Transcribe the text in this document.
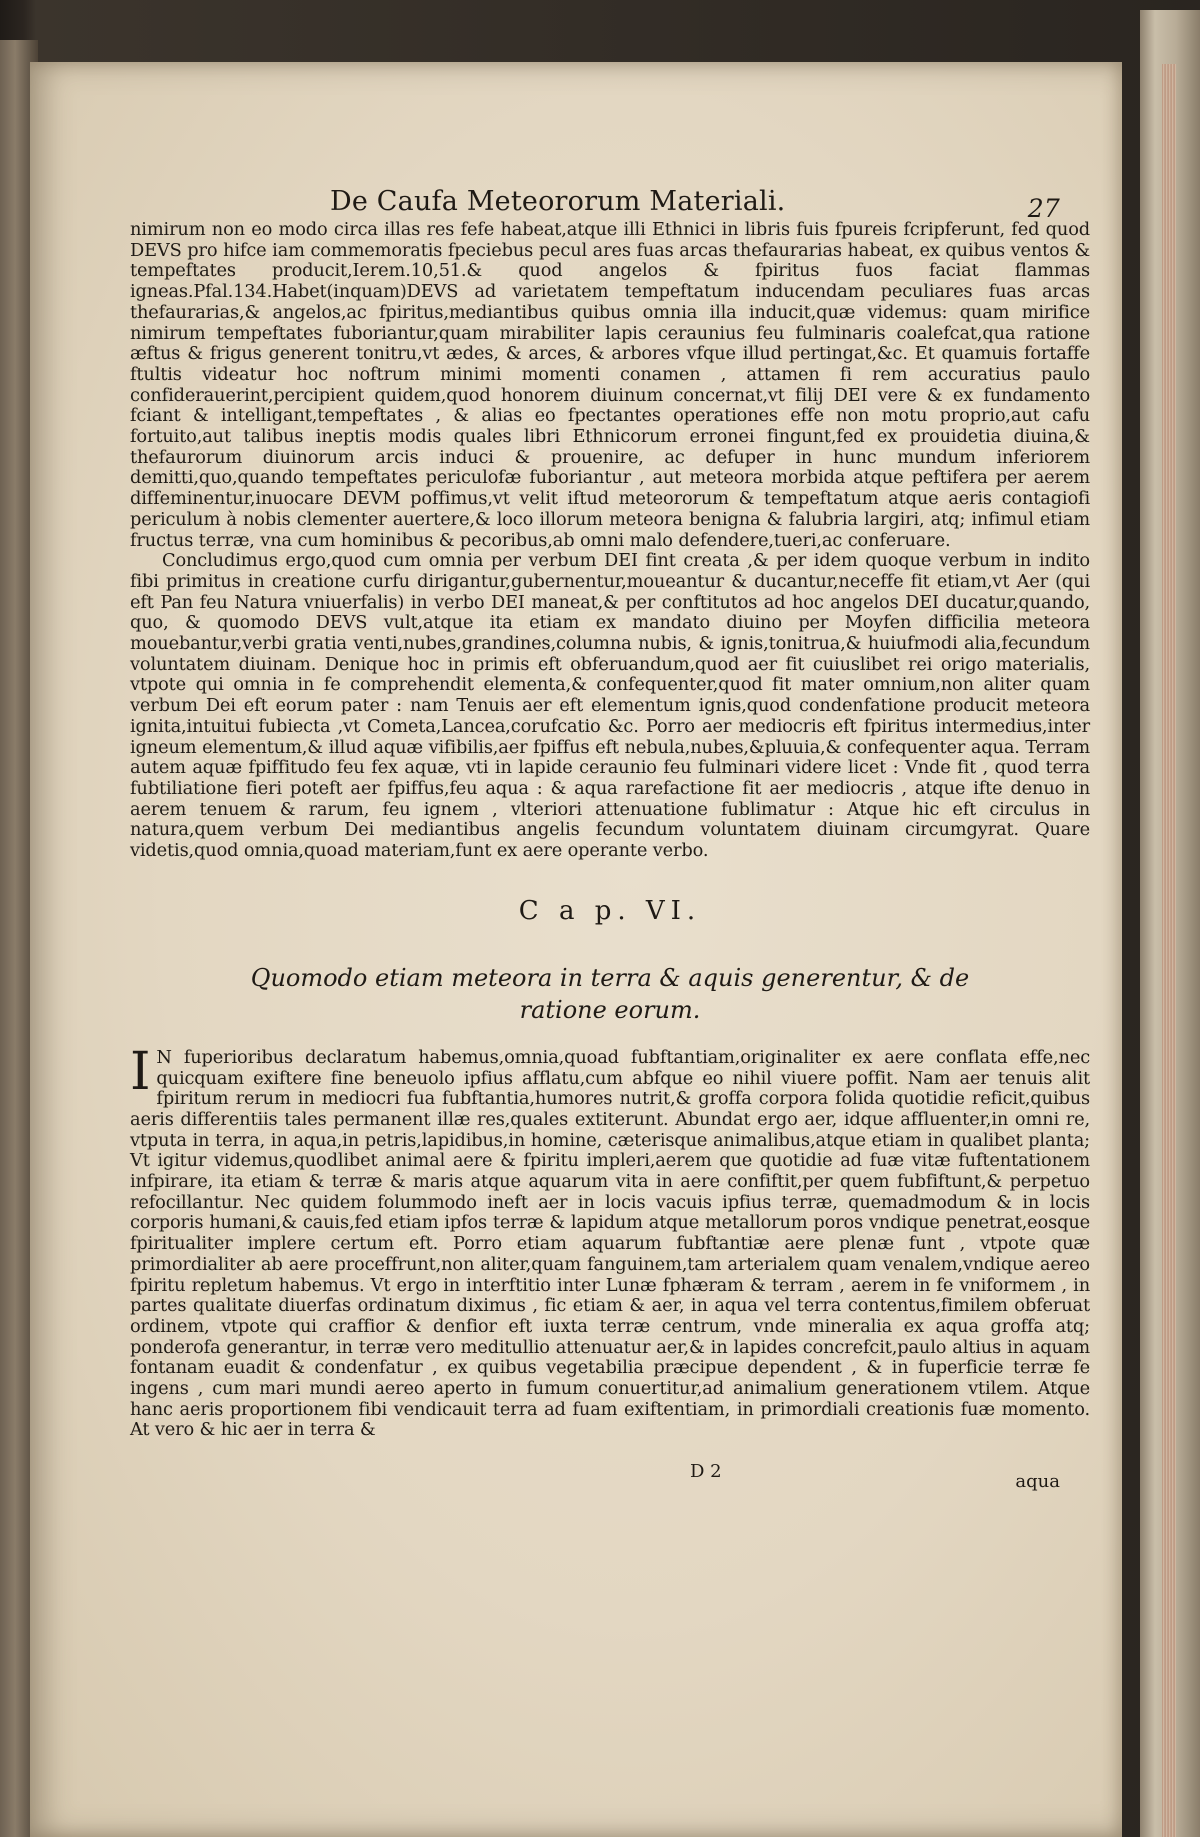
De Caufa Meteororum Materiali.	27

nimirum non eo modo circa illas res fefe habeat,atque illi Ethnici in libris fuis fpureis fcripferunt, fed quod DEVS pro hifce iam commemoratis fpeciebus pecul ares fuas arcas thefaurarias habeat, ex quibus ventos & tempeftates producit,Ierem.10,51.& quod angelos & fpiritus fuos faciat flammas igneas.Pfal.134.Habet(inquam)DEVS ad varietatem tempeftatum inducendam peculiares fuas arcas thefaurarias,& angelos,ac fpiritus,mediantibus quibus omnia illa inducit,quæ videmus: quam mirifice nimirum tempeftates fuboriantur,quam mirabiliter lapis ceraunius feu fulminaris coalefcat,qua ratione æftus & frigus generent tonitru,vt ædes, & arces, & arbores vfque illud pertingat,&c. Et quamuis fortaffe ftultis videatur hoc noftrum minimi momenti conamen , attamen fi rem accuratius paulo confiderauerint,percipient quidem,quod honorem diuinum concernat,vt filij DEI vere & ex fundamento fciant & intelligant,tempeftates , & alias eo fpectantes operationes effe non motu proprio,aut cafu fortuito,aut talibus ineptis modis quales libri Ethnicorum erronei fingunt,fed ex prouidetia diuina,& thefaurorum diuinorum arcis induci & prouenire, ac defuper in hunc mundum inferiorem demitti,quo,quando tempeftates periculofæ fuboriantur , aut meteora morbida atque peftifera per aerem diffeminentur,inuocare DEVM poffimus,vt velit iftud meteororum & tempeftatum atque aeris contagiofi periculum à nobis clementer auertere,& loco illorum meteora benigna & falubria largiri, atq; infimul etiam fructus terræ, vna cum hominibus & pecoribus,ab omni malo defendere,tueri,ac conferuare.

Concludimus ergo,quod cum omnia per verbum DEI fint creata ,& per idem quoque verbum in indito fibi primitus in creatione curfu dirigantur,gubernentur,moueantur & ducantur,neceffe fit etiam,vt Aer (qui eft Pan feu Natura vniuerfalis) in verbo DEI maneat,& per conftitutos ad hoc angelos DEI ducatur,quando, quo, & quomodo DEVS vult,atque ita etiam ex mandato diuino per Moyfen difficilia meteora mouebantur,verbi gratia venti,nubes,grandines,columna nubis, & ignis,tonitrua,& huiufmodi alia,fecundum voluntatem diuinam. Denique hoc in primis eft obferuandum,quod aer fit cuiuslibet rei origo materialis, vtpote qui omnia in fe comprehendit elementa,& confequenter,quod fit mater omnium,non aliter quam verbum Dei eft eorum pater : nam Tenuis aer eft elementum ignis,quod condenfatione producit meteora ignita,intuitui fubiecta ,vt Cometa,Lancea,corufcatio &c. Porro aer mediocris eft fpiritus intermedius,inter igneum elementum,& illud aquæ vifibilis,aer fpiffus eft nebula,nubes,&pluuia,& confequenter aqua. Terram autem aquæ fpiffitudo feu fex aquæ, vti in lapide ceraunio feu fulminari videre licet : Vnde fit , quod terra fubtiliatione fieri poteft aer fpiffus,feu aqua : & aqua rarefactione fit aer mediocris , atque ifte denuo in aerem tenuem & rarum, feu ignem , vlteriori attenuatione fublimatur : Atque hic eft circulus in natura,quem verbum Dei mediantibus angelis fecundum voluntatem diuinam circumgyrat. Quare videtis,quod omnia,quoad materiam,funt ex aere operante verbo.

C a p. VI.
Quomodo etiam meteora in terra & aquis generentur, & de ratione eorum.

I N fuperioribus declaratum habemus,omnia,quoad fubftantiam,originaliter ex aere conflata effe,nec quicquam exiftere fine beneuolo ipfius afflatu,cum abfque eo nihil viuere poffit. Nam aer tenuis alit fpiritum rerum in mediocri fua fubftantia,humores nutrit,& groffa corpora folida quotidie reficit,quibus aeris differentiis tales permanent illæ res,quales extiterunt. Abundat ergo aer, idque affluenter,in omni re, vtputa in terra, in aqua,in petris,lapidibus,in homine, cæterisque animalibus,atque etiam in qualibet planta; Vt igitur videmus,quodlibet animal aere & fpiritu impleri,aerem que quotidie ad fuæ vitæ fuftentationem infpirare, ita etiam & terræ & maris atque aquarum vita in aere confiftit,per quem fubfiftunt,& perpetuo refocillantur. Nec quidem folummodo ineft aer in locis vacuis ipfius terræ, quemadmodum & in locis corporis humani,& cauis,fed etiam ipfos terræ & lapidum atque metallorum poros vndique penetrat,eosque fpiritualiter implere certum eft. Porro etiam aquarum fubftantiæ aere plenæ funt , vtpote quæ primordialiter ab aere proceffrunt,non aliter,quam fanguinem,tam arterialem quam venalem,vndique aereo fpiritu repletum habemus. Vt ergo in interftitio inter Lunæ fphæram & terram , aerem in fe vniformem , in partes qualitate diuerfas ordinatum diximus , fic etiam & aer, in aqua vel terra contentus,fimilem obferuat ordinem, vtpote qui craffior & denfior eft iuxta terræ centrum, vnde mineralia ex aqua groffa atq; ponderofa generantur, in terræ vero meditullio attenuatur aer,& in lapides concrefcit,paulo altius in aquam fontanam euadit & condenfatur , ex quibus vegetabilia præcipue dependent , & in fuperficie terræ fe ingens , cum mari mundi aereo aperto in fumum conuertitur,ad animalium generationem vtilem. Atque hanc aeris proportionem fibi vendicauit terra ad fuam exiftentiam, in primordiali creationis fuæ momento. At vero & hic aer in terra &

D 2	aqua
